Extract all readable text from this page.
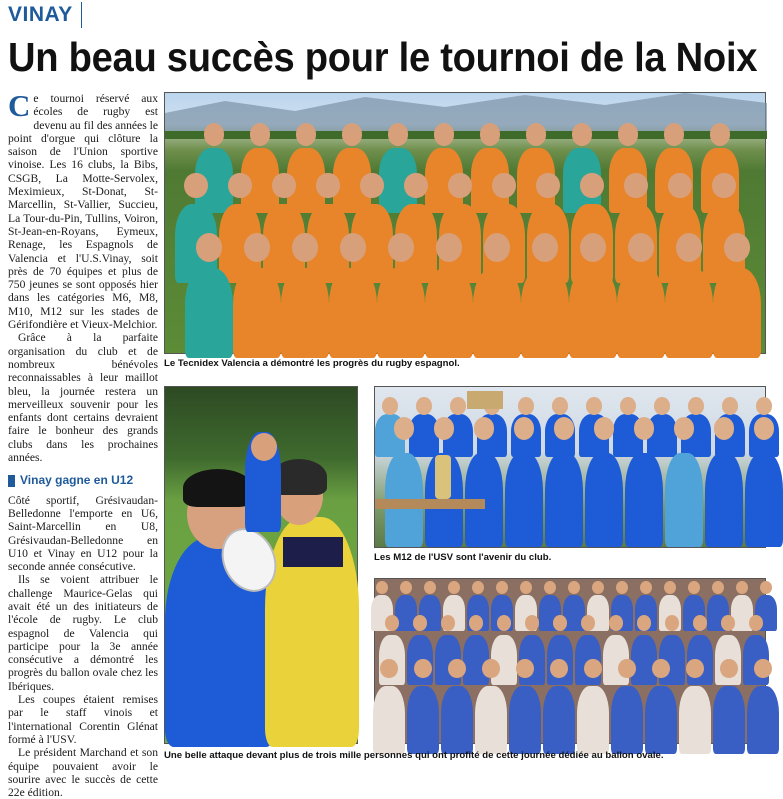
VINAY
Un beau succès pour le tournoi de la Noix

Ce tournoi réservé aux écoles de rugby est devenu au fil des années le point d'orgue qui clôture la saison de l'Union sportive vinoise. Les 16 clubs, la Bibs, CSGB, La Motte-Servolex, Meximieux, St-Donat, St-Marcellin, St-Vallier, Succieu, La Tour-du-Pin, Tullins, Voiron, St-Jean-en-Royans, Eymeux, Renage, les Espagnols de Valencia et l'U.S.Vinay, soit près de 70 équipes et plus de 750 jeunes se sont opposés hier dans les catégories M6, M8, M10, M12 sur les stades de Gérifondière et Vieux-Melchior.

Grâce à la parfaite organisation du club et de nombreux bénévoles reconnaissables à leur maillot bleu, la journée restera un merveilleux souvenir pour les enfants dont certains devraient faire le bonheur des grands clubs dans les prochaines années.

Vinay gagne en U12

Côté sportif, Grésivaudan-Belledonne l'emporte en U6, Saint-Marcellin en U8, Grésivaudan-Belledonne en U10 et Vinay en U12 pour la seconde année consécutive.

Ils se voient attribuer le challenge Maurice-Gelas qui avait été un des initiateurs de l'école de rugby. Le club espagnol de Valencia qui participe pour la 3e année consécutive a démontré les progrès du ballon ovale chez les Ibériques.

Les coupes étaient remises par le staff vinois et l'international Corentin Glénat formé à l'USV.

Le président Marchand et son équipe pouvaient avoir le sourire avec le succès de cette 22e édition.

Le Tecnidex Valencia a démontré les progrès du rugby espagnol.
Les M12 de l'USV sont l'avenir du club.
Une belle attaque devant plus de trois mille personnes qui ont profité de cette journée dédiée au ballon ovale.
